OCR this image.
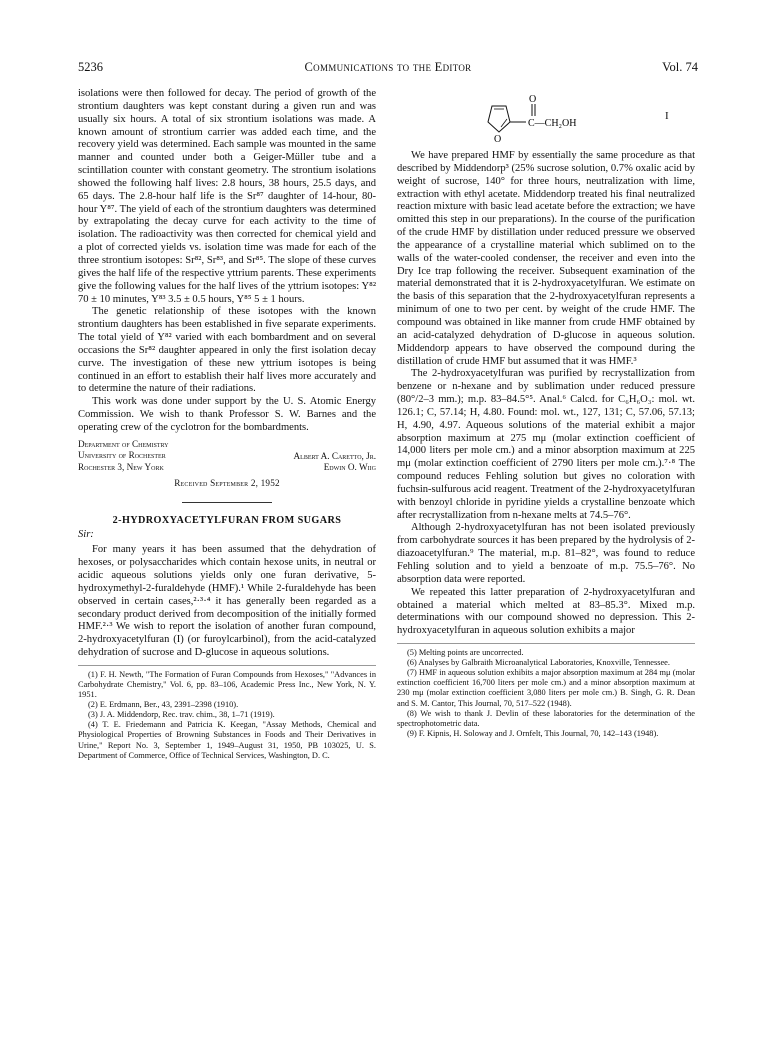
5236	Communications to the Editor	Vol. 74
O
O
C—CH₂OH
I

isolations were then followed for decay. The period of growth of the strontium daughters was kept constant during a given run and was usually six hours. A total of six strontium isolations was made. A known amount of strontium carrier was added each time, and the recovery yield was determined. Each sample was mounted in the same manner and counted under both a Geiger-Müller tube and a scintillation counter with constant geometry. The strontium isolations showed the following half lives: 2.8 hours, 38 hours, 25.5 days, and 65 days. The 2.8-hour half life is the Sr⁸⁷ daughter of 14-hour, 80-hour Y⁸⁷. The yield of each of the strontium daughters was determined by extrapolating the decay curve for each activity to the time of isolation. The radioactivity was then corrected for chemical yield and a plot of corrected yields vs. isolation time was made for each of the three strontium isotopes: Sr⁸², Sr⁸³, and Sr⁸⁵. The slope of these curves gives the half life of the respective yttrium parents. These experiments give the following values for the half lives of the yttrium isotopes: Y⁸² 70 ± 10 minutes, Y⁸³ 3.5 ± 0.5 hours, Y⁸⁵ 5 ± 1 hours.

The genetic relationship of these isotopes with the known strontium daughters has been established in five separate experiments. The total yield of Y⁸² varied with each bombardment and on several occasions the Sr⁸² daughter appeared in only the first isolation decay curve. The investigation of these new yttrium isotopes is being continued in an effort to establish their half lives more accurately and to determine the nature of their radiations.

This work was done under support by the U. S. Atomic Energy Commission. We wish to thank Professor S. W. Barnes and the operating crew of the cyclotron for the bombardments.

Department of Chemistry
University of Rochester
Rochester 3, New York
Albert A. Caretto, Jr.
Edwin O. Wiig
Received September 2, 1952
2-HYDROXYACETYLFURAN FROM SUGARS
Sir:

For many years it has been assumed that the dehydration of hexoses, or polysaccharides which contain hexose units, in neutral or acidic aqueous solutions yields only one furan derivative, 5-hydroxymethyl-2-furaldehyde (HMF).¹ While 2-furaldehyde has been observed in certain cases,²·³·⁴ it has generally been regarded as a secondary product derived from decomposition of the initially formed HMF.²·³ We wish to report the isolation of another furan compound, 2-hydroxyacetylfuran (I) (or furoylcarbinol), from the acid-catalyzed dehydration of sucrose and D-glucose in aqueous solutions.

(1) F. H. Newth, "The Formation of Furan Compounds from Hexoses," "Advances in Carbohydrate Chemistry," Vol. 6, pp. 83–106, Academic Press Inc., New York, N. Y. 1951.

(2) E. Erdmann, Ber., 43, 2391–2398 (1910).

(3) J. A. Middendorp, Rec. trav. chim., 38, 1–71 (1919).

(4) T. E. Friedemann and Patricia K. Keegan, "Assay Methods, Chemical and Physiological Properties of Browning Substances in Foods and Their Derivatives in Urine," Report No. 3, September 1, 1949–August 31, 1950, PB 103025, U. S. Department of Commerce, Office of Technical Services, Washington, D. C.

We have prepared HMF by essentially the same procedure as that described by Middendorp³ (25% sucrose solution, 0.7% oxalic acid by weight of sucrose, 140° for three hours, neutralization with lime, extraction with ethyl acetate. Middendorp treated his final neutralized reaction mixture with basic lead acetate before the extraction; we have omitted this step in our preparations). In the course of the purification of the crude HMF by distillation under reduced pressure we observed the appearance of a crystalline material which sublimed on to the walls of the water-cooled condenser, the receiver and even into the Dry Ice trap following the receiver. Subsequent examination of the material demonstrated that it is 2-hydroxyacetylfuran. We estimate on the basis of this separation that the 2-hydroxyacetylfuran represents a minimum of one to two per cent. by weight of the crude HMF. The compound was obtained in like manner from crude HMF obtained by an acid-catalyzed dehydration of D-glucose in aqueous solution. Middendorp appears to have observed the compound during the distillation of crude HMF but assumed that it was HMF.³

The 2-hydroxyacetylfuran was purified by recrystallization from benzene or n-hexane and by sublimation under reduced pressure (80°/2–3 mm.); m.p. 83–84.5°⁵. Anal.⁶ Calcd. for C₆H₆O₃: mol. wt. 126.1; C, 57.14; H, 4.80. Found: mol. wt., 127, 131; C, 57.06, 57.13; H, 4.90, 4.97. Aqueous solutions of the material exhibit a major absorption maximum at 275 mμ (molar extinction coefficient of 14,000 liters per mole cm.) and a minor absorption maximum at 225 mμ (molar extinction coefficient of 2790 liters per mole cm.).⁷·⁸ The compound reduces Fehling solution but gives no coloration with fuchsin-sulfurous acid reagent. Treatment of the 2-hydroxyacetylfuran with benzoyl chloride in pyridine yields a crystalline benzoate which after recrystallization from n-hexane melts at 74.5–76°.

Although 2-hydroxyacetylfuran has not been isolated previously from carbohydrate sources it has been prepared by the hydrolysis of 2-diazoacetylfuran.⁹ The material, m.p. 81–82°, was found to reduce Fehling solution and to yield a benzoate of m.p. 75.5–76°. No absorption data were reported.

We repeated this latter preparation of 2-hydroxyacetylfuran and obtained a material which melted at 83–85.3°. Mixed m.p. determinations with our compound showed no depression. This 2-hydroxyacetylfuran in aqueous solution exhibits a major

(5) Melting points are uncorrected.

(6) Analyses by Galbraith Microanalytical Laboratories, Knoxville, Tennessee.

(7) HMF in aqueous solution exhibits a major absorption maximum at 284 mμ (molar extinction coefficient 16,700 liters per mole cm.) and a minor absorption maximum at 230 mμ (molar extinction coefficient 3,080 liters per mole cm.) B. Singh, G. R. Dean and S. M. Cantor, This Journal, 70, 517–522 (1948).

(8) We wish to thank J. Devlin of these laboratories for the determination of the spectrophotometric data.

(9) F. Kipnis, H. Soloway and J. Ornfelt, This Journal, 70, 142–143 (1948).
